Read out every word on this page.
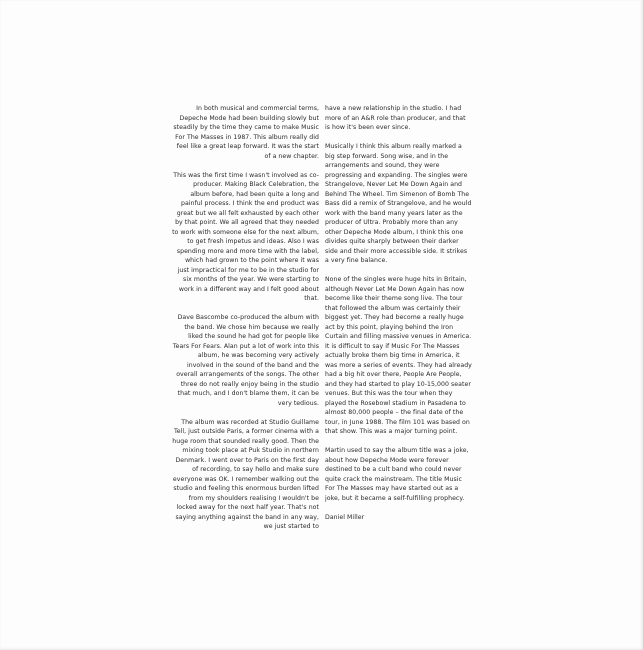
In both musical and commercial terms, Depeche Mode had been building slowly but steadily by the time they came to make Music For The Masses in 1987. This album really did feel like a great leap forward. It was the start of a new chapter.

This was the first time I wasn't involved as co-producer. Making Black Celebration, the album before, had been quite a long and painful process. I think the end product was great but we all felt exhausted by each other by that point. We all agreed that they needed to work with someone else for the next album, to get fresh impetus and ideas. Also I was spending more and more time with the label, which had grown to the point where it was just impractical for me to be in the studio for six months of the year. We were starting to work in a different way and I felt good about that.

Dave Bascombe co-produced the album with the band. We chose him because we really liked the sound he had got for people like Tears For Fears. Alan put a lot of work into this album, he was becoming very actively involved in the sound of the band and the overall arrangements of the songs. The other three do not really enjoy being in the studio that much, and I don't blame them, it can be very tedious.

The album was recorded at Studio Guillame Tell, just outside Paris, a former cinema with a huge room that sounded really good. Then the mixing took place at Puk Studio in northern Denmark. I went over to Paris on the first day of recording, to say hello and make sure everyone was OK. I remember walking out the studio and feeling this enormous burden lifted from my shoulders realising I wouldn't be locked away for the next half year. That's not saying anything against the band in any way, we just started to

have a new relationship in the studio. I had more of an A&R role than producer, and that is how it's been ever since.

Musically I think this album really marked a big step forward. Song wise, and in the arrangements and sound, they were progressing and expanding. The singles were Strangelove, Never Let Me Down Again and Behind The Wheel. Tim Simenon of Bomb The Bass did a remix of Strangelove, and he would work with the band many years later as the producer of Ultra. Probably more than any other Depeche Mode album, I think this one divides quite sharply between their darker side and their more accessible side. It strikes a very fine balance.

None of the singles were huge hits in Britain, although Never Let Me Down Again has now become like their theme song live. The tour that followed the album was certainly their biggest yet. They had become a really huge act by this point, playing behind the Iron Curtain and filling massive venues in America. It is difficult to say if Music For The Masses actually broke them big time in America, it was more a series of events. They had already had a big hit over there, People Are People, and they had started to play 10-15,000 seater venues. But this was the tour when they played the Rosebowl stadium in Pasadena to almost 80,000 people – the final date of the tour, in June 1988. The film 101 was based on that show. This was a major turning point.

Martin used to say the album title was a joke, about how Depeche Mode were forever destined to be a cult band who could never quite crack the mainstream. The title Music For The Masses may have started out as a joke, but it became a self-fulfilling prophecy.

Daniel Miller
